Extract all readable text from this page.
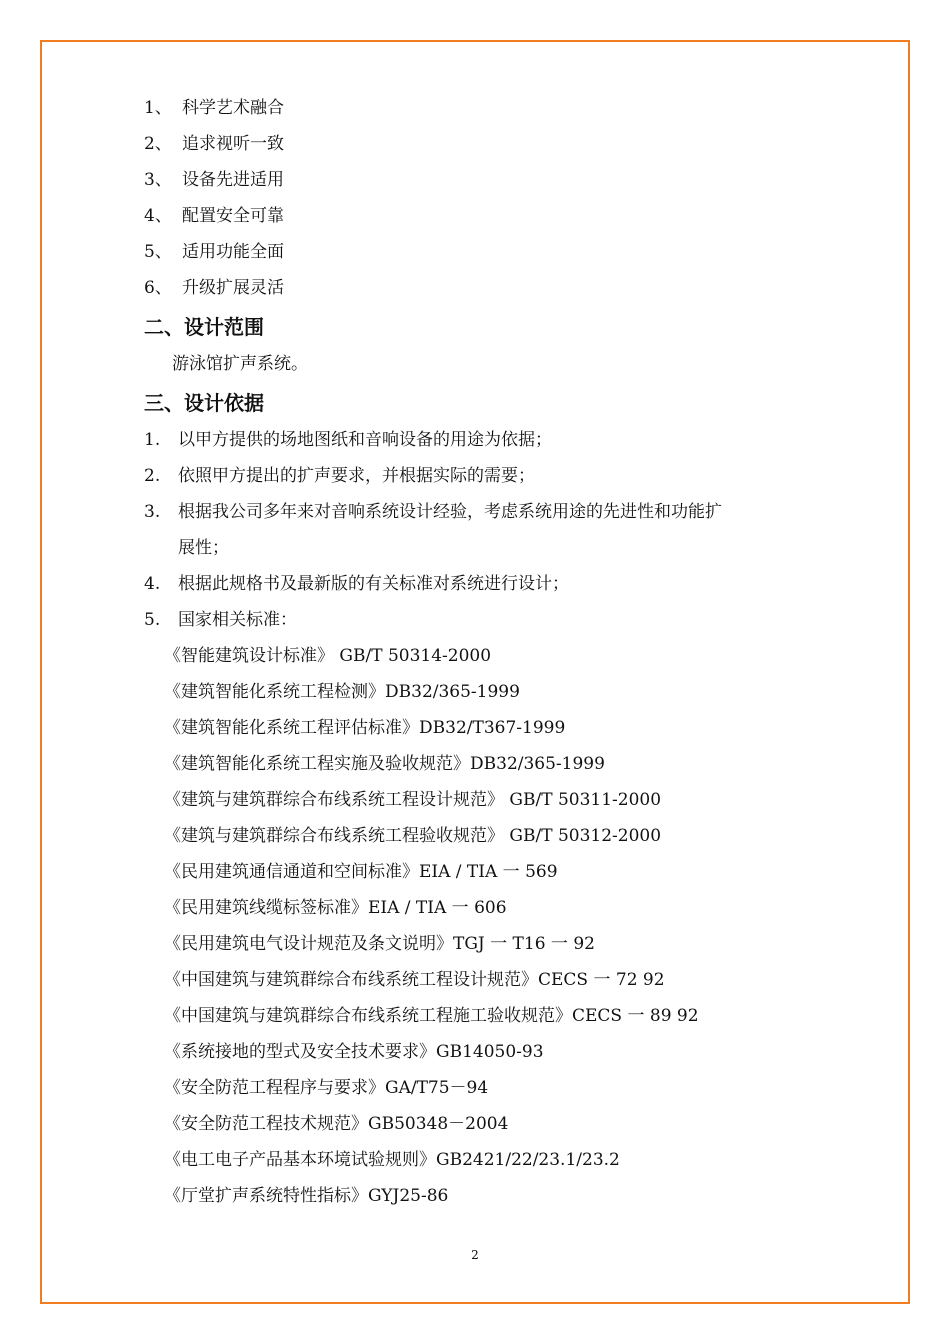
1、 科学艺术融合
2、 追求视听一致
3、 设备先进适用
4、 配置安全可靠
5、 适用功能全面
6、 升级扩展灵活
二、设计范围
游泳馆扩声系统。
三、设计依据
1. 以甲方提供的场地图纸和音响设备的用途为依据；
2. 依照甲方提出的扩声要求，并根据实际的需要；
3. 根据我公司多年来对音响系统设计经验，考虑系统用途的先进性和功能扩
展性；
4. 根据此规格书及最新版的有关标准对系统进行设计；
5. 国家相关标准：
《智能建筑设计标准》 GB/T 50314-2000
《建筑智能化系统工程检测》DB32/365-1999
《建筑智能化系统工程评估标准》DB32/T367-1999
《建筑智能化系统工程实施及验收规范》DB32/365-1999
《建筑与建筑群综合布线系统工程设计规范》 GB/T 50311-2000
《建筑与建筑群综合布线系统工程验收规范》 GB/T 50312-2000
《民用建筑通信通道和空间标准》EIA / TIA 一 569
《民用建筑线缆标签标准》EIA / TIA 一 606
《民用建筑电气设计规范及条文说明》TGJ 一 T16 一 92
《中国建筑与建筑群综合布线系统工程设计规范》CECS 一 72 92
《中国建筑与建筑群综合布线系统工程施工验收规范》CECS 一 89 92
《系统接地的型式及安全技术要求》GB14050-93
《安全防范工程程序与要求》GA/T75－94
《安全防范工程技术规范》GB50348－2004
《电工电子产品基本环境试验规则》GB2421/22/23.1/23.2
《厅堂扩声系统特性指标》GYJ25-86
2
